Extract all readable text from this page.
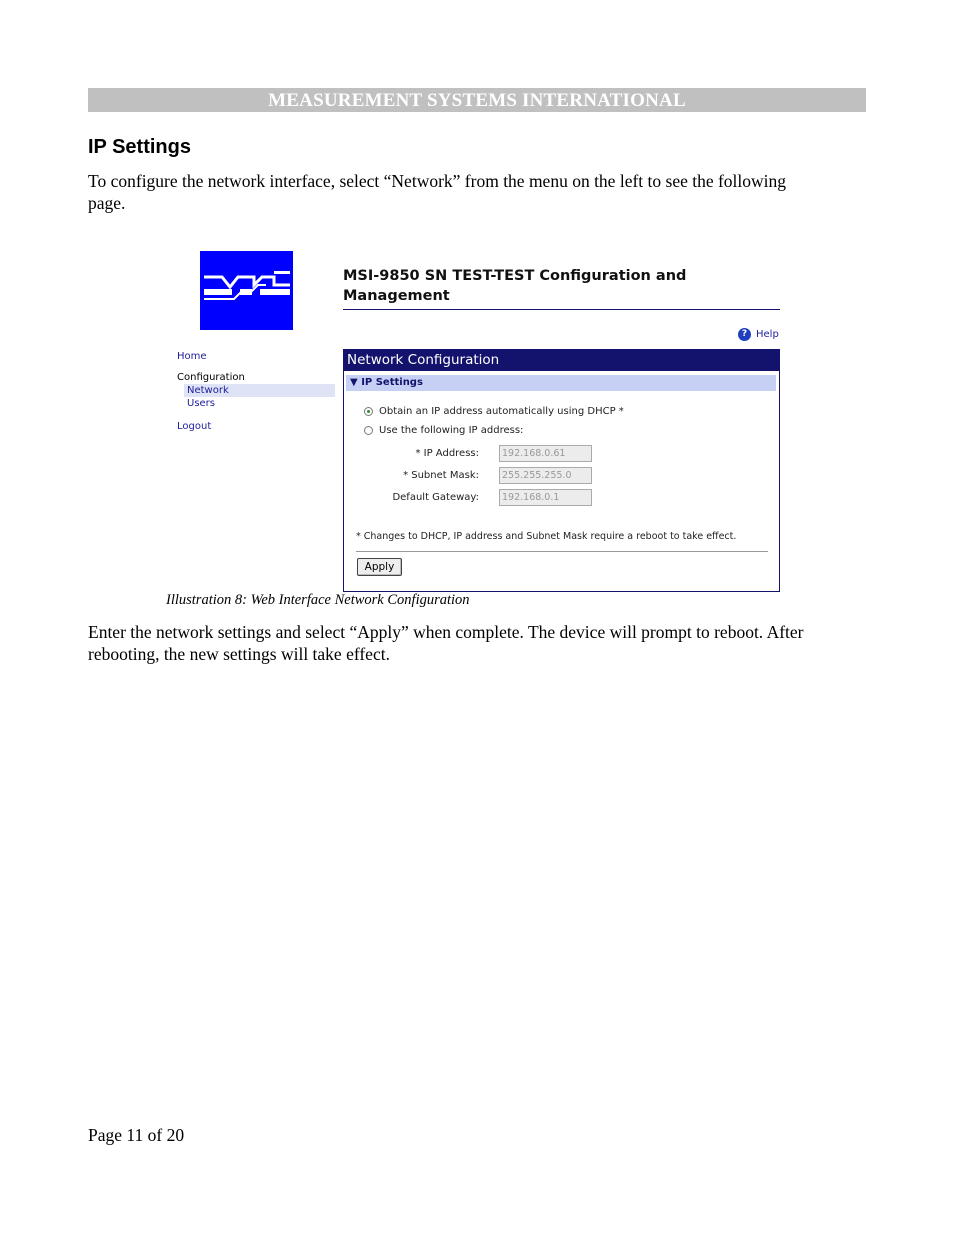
MEASUREMENT SYSTEMS INTERNATIONAL
IP Settings
To configure the network interface, select “Network” from the menu on the left to see the following
page.
MSI-9850 SN TEST-TEST Configuration and
Management
? Help
Home
Configuration
Network
Users
Logout
Network Configuration
▼ IP Settings
Obtain an IP address automatically using DHCP *
Use the following IP address:
* IP Address:	192.168.0.61
* Subnet Mask:	255.255.255.0
Default Gateway:	192.168.0.1
* Changes to DHCP, IP address and Subnet Mask require a reboot to take effect.
Apply
Illustration 8: Web Interface Network Configuration
Enter the network settings and select “Apply” when complete. The device will prompt to reboot. After
rebooting, the new settings will take effect.
Page 11 of 20
